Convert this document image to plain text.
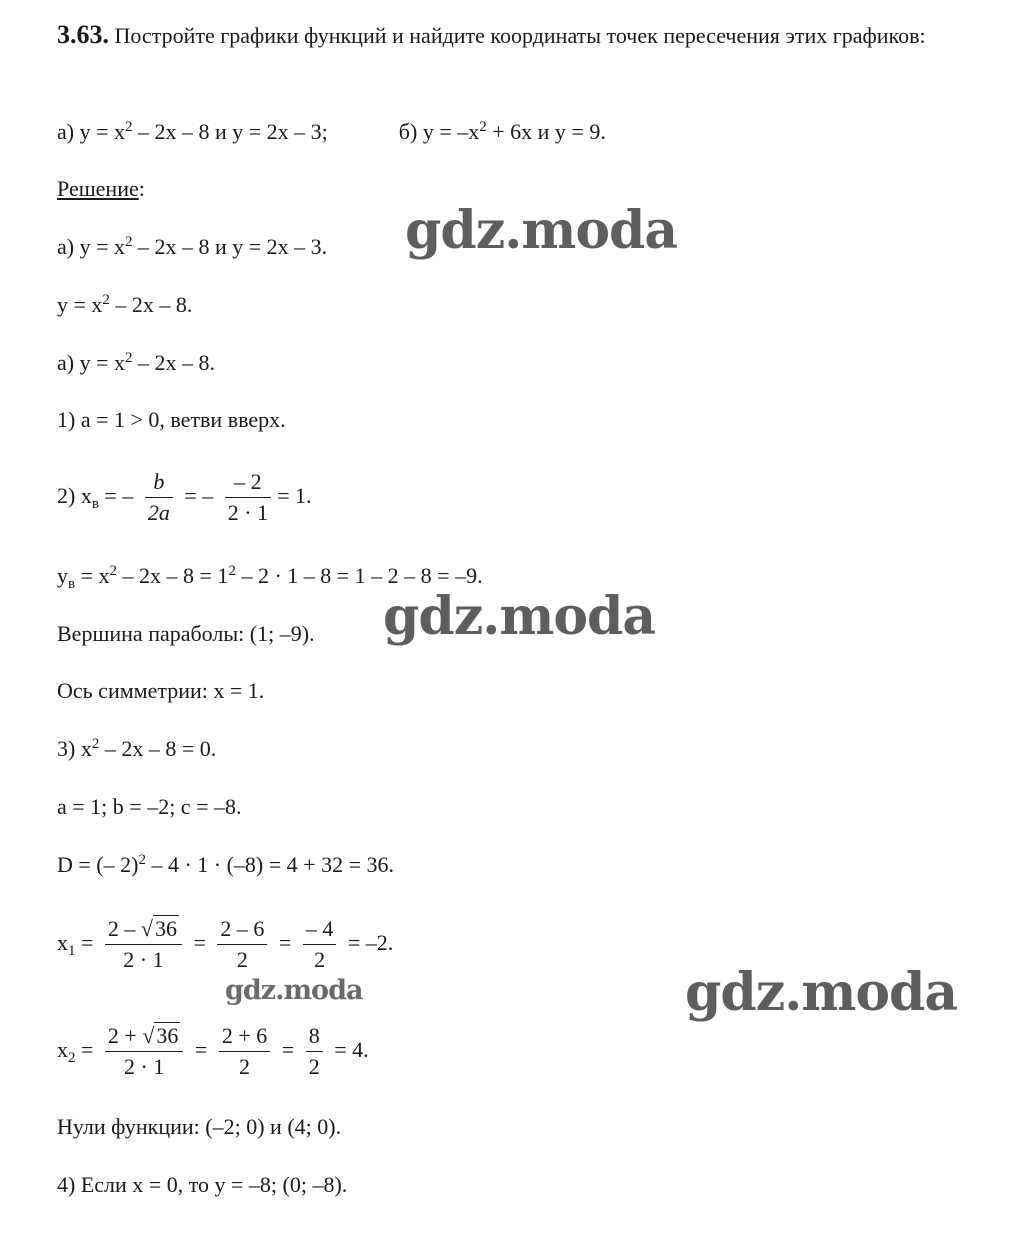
3.63. Постройте графики функций и найдите координаты точек пересечения этих графиков:
а) $y = x^2 - 2x - 8$ и y = 2x – 3;	б) $y = -x^2 + 6x$ и y = 9.
Решение:
а) $y = x^2 - 2x - 8$ и y = 2x – 3.
$y = x^2 - 2x - 8$.
а) $y = x^2 - 2x - 8$.
1) a = 1 > 0, ветви вверх.
2) $x_в$ = – $\frac{b}{2a}$ = – $\frac{- 2}{2 \cdot 1} = 1$.
$y_в = x^2 - 2x - 8 = 1^2 - 2 \cdot 1 - 8 = 1 - 2 - 8 = -9$.
Вершина параболы: (1; –9).
Ось симметрии: x = 1.
3) $x^2 - 2x - 8 = 0$.
a = 1; b = –2; c = –8.
D = (– 2)$^2$ – 4 · 1 · (–8) = 4 + 32 = 36.
$x_1 = \frac{2 - √36}{2 \cdot 1} = \frac{2 - 6}{2} = \frac{- 4}{2} = -2$.
$x_2 = \frac{2 + √36}{2 \cdot 1} = \frac{2 + 6}{2} = \frac{8}{2} = 4$.
Нули функции: (–2; 0) и (4; 0).
4) Если x = 0, то y = –8; (0; –8).
gdz.moda
gdz.moda
gdz.moda
gdz.moda
